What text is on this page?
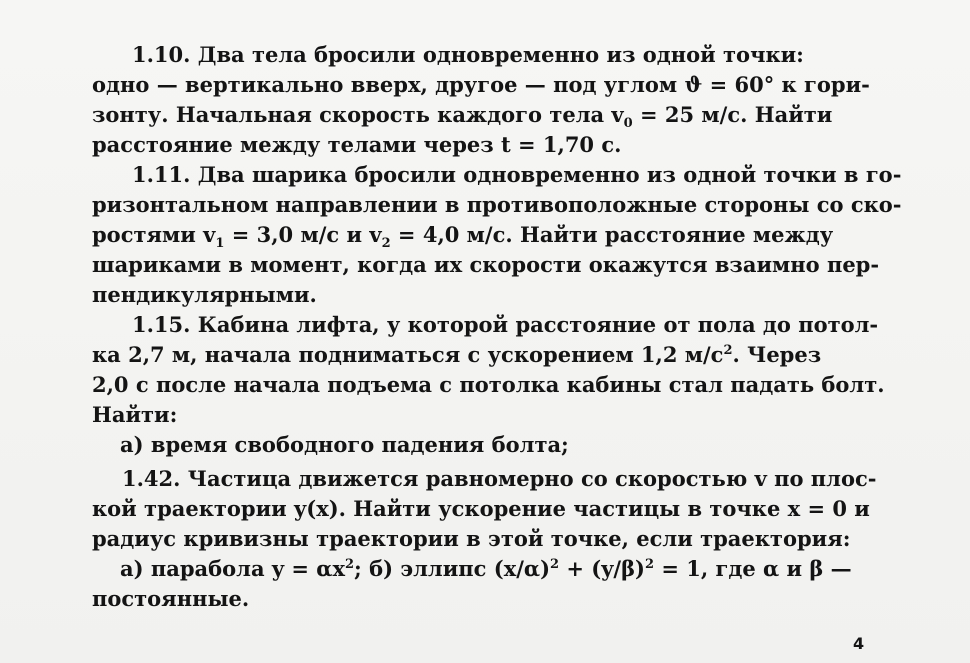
1.10. Два тела бросили одновременно из одной точки:
одно — вертикально вверх, другое — под углом ϑ = 60° к гори-
зонту. Начальная скорость каждого тела $v_0 = 25$ м/с. Найти
расстояние между телами через t = 1,70 с.
1.11. Два шарика бросили одновременно из одной точки в го-
ризонтальном направлении в противоположные стороны со ско-
ростями $v_1 = 3,0$ м/с и $v_2 = 4,0$ м/с. Найти расстояние между
шариками в момент, когда их скорости окажутся взаимно пер-
пендикулярными.
1.15. Кабина лифта, у которой расстояние от пола до потол-
ка 2,7 м, начала подниматься с ускорением 1,2 $м/с^2$. Через
2,0 с после начала подъема с потолка кабины стал падать болт.
Найти:
а) время свободного падения болта;
1.42. Частица движется равномерно со скоростью v по плос-
кой траектории y(x). Найти ускорение частицы в точке x = 0 и
радиус кривизны траектории в этой точке, если траектория:
а) парабола $y = \alpha x^2$; б) эллипс $(x/\alpha)^2 + (y/\beta)^2 = 1$, где α и β —
постоянные.
4
